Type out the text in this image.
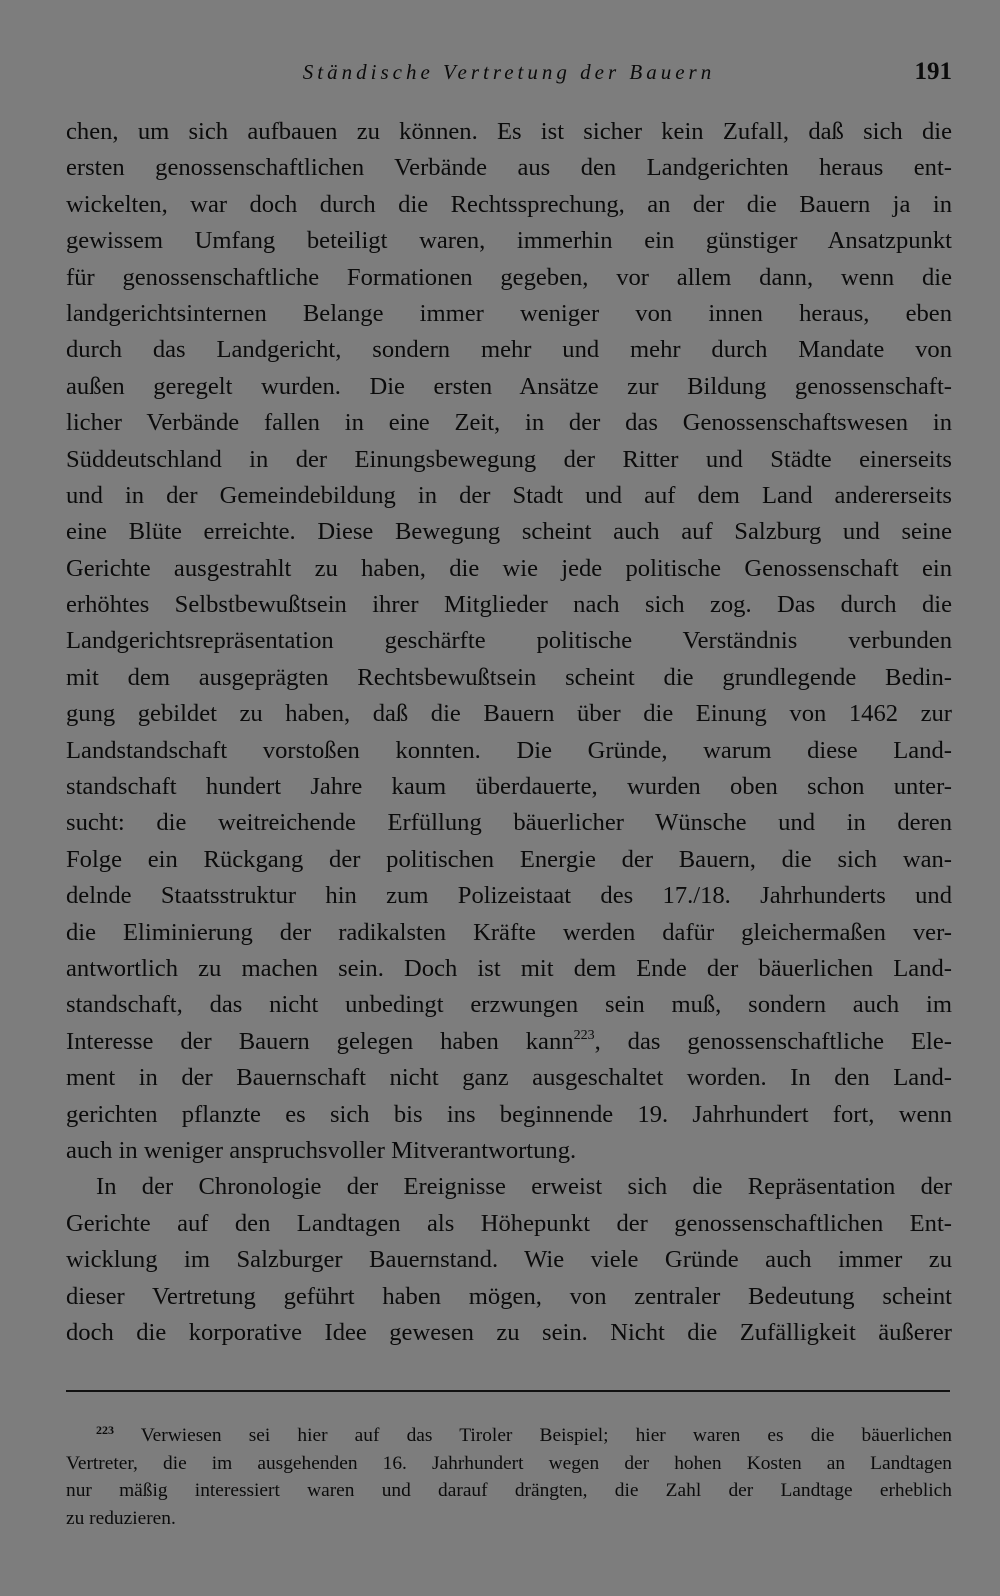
Ständische Vertretung der Bauern	191

chen, um sich aufbauen zu können. Es ist sicher kein Zufall, daß sich die
ersten genossenschaftlichen Verbände aus den Landgerichten heraus ent-
wickelten, war doch durch die Rechtssprechung, an der die Bauern ja in
gewissem Umfang beteiligt waren, immerhin ein günstiger Ansatzpunkt
für genossenschaftliche Formationen gegeben, vor allem dann, wenn die
landgerichtsinternen Belange immer weniger von innen heraus, eben
durch das Landgericht, sondern mehr und mehr durch Mandate von
außen geregelt wurden. Die ersten Ansätze zur Bildung genossenschaft-
licher Verbände fallen in eine Zeit, in der das Genossenschaftswesen in
Süddeutschland in der Einungsbewegung der Ritter und Städte einerseits
und in der Gemeindebildung in der Stadt und auf dem Land andererseits
eine Blüte erreichte. Diese Bewegung scheint auch auf Salzburg und seine
Gerichte ausgestrahlt zu haben, die wie jede politische Genossenschaft ein
erhöhtes Selbstbewußtsein ihrer Mitglieder nach sich zog. Das durch die
Landgerichtsrepräsentation geschärfte politische Verständnis verbunden
mit dem ausgeprägten Rechtsbewußtsein scheint die grundlegende Bedin-
gung gebildet zu haben, daß die Bauern über die Einung von 1462 zur
Landstandschaft vorstoßen konnten. Die Gründe, warum diese Land-
standschaft hundert Jahre kaum überdauerte, wurden oben schon unter-
sucht: die weitreichende Erfüllung bäuerlicher Wünsche und in deren
Folge ein Rückgang der politischen Energie der Bauern, die sich wan-
delnde Staatsstruktur hin zum Polizeistaat des 17./18. Jahrhunderts und
die Eliminierung der radikalsten Kräfte werden dafür gleichermaßen ver-
antwortlich zu machen sein. Doch ist mit dem Ende der bäuerlichen Land-
standschaft, das nicht unbedingt erzwungen sein muß, sondern auch im
Interesse der Bauern gelegen haben kann$^{223}$, das genossenschaftliche Ele-
ment in der Bauernschaft nicht ganz ausgeschaltet worden. In den Land-
gerichten pflanzte es sich bis ins beginnende 19. Jahrhundert fort, wenn
auch in weniger anspruchsvoller Mitverantwortung.

In der Chronologie der Ereignisse erweist sich die Repräsentation der
Gerichte auf den Landtagen als Höhepunkt der genossenschaftlichen Ent-
wicklung im Salzburger Bauernstand. Wie viele Gründe auch immer zu
dieser Vertretung geführt haben mögen, von zentraler Bedeutung scheint
doch die korporative Idee gewesen zu sein. Nicht die Zufälligkeit äußerer

$^{223}$ Verwiesen sei hier auf das Tiroler Beispiel; hier waren es die bäuerlichen
Vertreter, die im ausgehenden 16. Jahrhundert wegen der hohen Kosten an Landtagen
nur mäßig interessiert waren und darauf drängten, die Zahl der Landtage erheblich
zu reduzieren.
